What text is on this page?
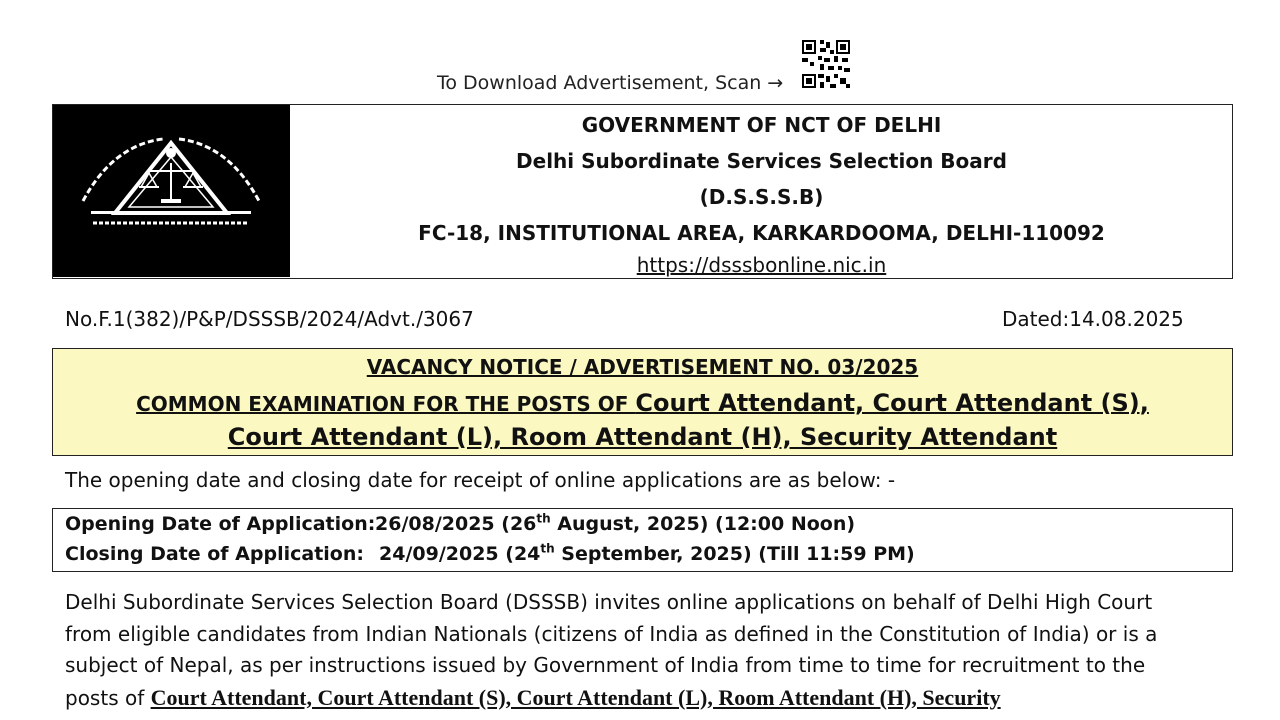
To Download Advertisement, Scan →
GOVERNMENT OF NCT OF DELHI
Delhi Subordinate Services Selection Board
(D.S.S.S.B)
FC-18, INSTITUTIONAL AREA, KARKARDOOMA, DELHI-110092
https://dsssbonline.nic.in
No.F.1(382)/P&P/DSSSB/2024/Advt./3067	Dated:14.08.2025
VACANCY NOTICE / ADVERTISEMENT NO. 03/2025
COMMON EXAMINATION FOR THE POSTS OF Court Attendant, Court Attendant (S),
Court Attendant (L), Room Attendant (H), Security Attendant
The opening date and closing date for receipt of online applications are as below: -
Opening Date of Application:26/08/2025 (26th August, 2025) (12:00 Noon)
Closing Date of Application: 24/09/2025 (24th September, 2025) (Till 11:59 PM)
Delhi Subordinate Services Selection Board (DSSSB) invites online applications on behalf of Delhi High Court
from eligible candidates from Indian Nationals (citizens of India as defined in the Constitution of India) or is a
subject of Nepal, as per instructions issued by Government of India from time to time for recruitment to the
posts of Court Attendant, Court Attendant (S), Court Attendant (L), Room Attendant (H), Security
